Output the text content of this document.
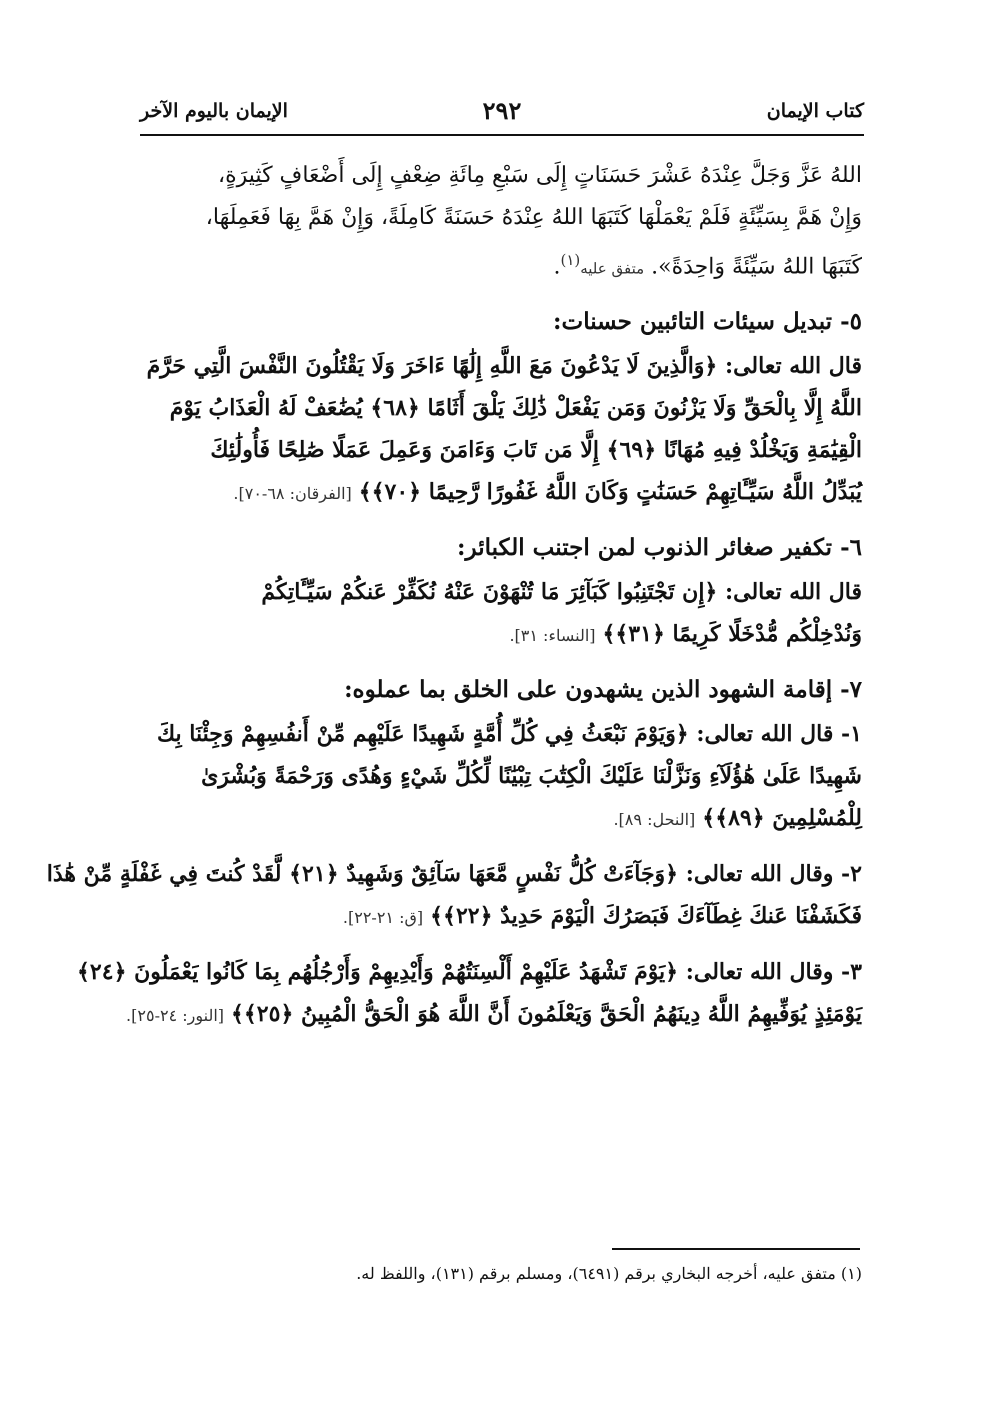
كتاب الإيمان
٢٩٢
الإيمان باليوم الآخر
اللهُ عَزَّ وَجَلَّ عِنْدَهُ عَشْرَ حَسَنَاتٍ إِلَى سَبْعِ مِائَةِ ضِعْفٍ إِلَى أَضْعَافٍ كَثِيرَةٍ،
وَإِنْ هَمَّ بِسَيِّئَةٍ فَلَمْ يَعْمَلْهَا كَتَبَهَا اللهُ عِنْدَهُ حَسَنَةً كَامِلَةً، وَإِنْ هَمَّ بِهَا فَعَمِلَهَا،
كَتَبَهَا اللهُ سَيِّئَةً وَاحِدَةً». متفق عليه$^{(١)}$.
٥- تبديل سيئات التائبين حسنات:
قال الله تعالى: ﴿وَالَّذِينَ لَا يَدْعُونَ مَعَ اللَّهِ إِلَٰهًا ءَاخَرَ وَلَا يَقْتُلُونَ النَّفْسَ الَّتِي حَرَّمَ
اللَّهُ إِلَّا بِالْحَقِّ وَلَا يَزْنُونَ وَمَن يَفْعَلْ ذَٰلِكَ يَلْقَ أَثَامًا ﴿٦٨﴾ يُضَٰعَفْ لَهُ الْعَذَابُ يَوْمَ
الْقِيَٰمَةِ وَيَخْلُدْ فِيهِ مُهَانًا ﴿٦٩﴾ إِلَّا مَن تَابَ وَءَامَنَ وَعَمِلَ عَمَلًا صَٰلِحًا فَأُولَٰئِكَ
يُبَدِّلُ اللَّهُ سَيِّـَٔاتِهِمْ حَسَنَٰتٍ وَكَانَ اللَّهُ غَفُورًا رَّحِيمًا ﴿٧٠﴾﴾ [الفرقان: ٦٨-٧٠].
٦- تكفير صغائر الذنوب لمن اجتنب الكبائر:
قال الله تعالى: ﴿إِن تَجْتَنِبُوا كَبَآئِرَ مَا تُنْهَوْنَ عَنْهُ نُكَفِّرْ عَنكُمْ سَيِّـَٔاتِكُمْ
وَنُدْخِلْكُم مُّدْخَلًا كَرِيمًا ﴿٣١﴾﴾ [النساء: ٣١].
٧- إقامة الشهود الذين يشهدون على الخلق بما عملوه:
١- قال الله تعالى: ﴿وَيَوْمَ نَبْعَثُ فِي كُلِّ أُمَّةٍ شَهِيدًا عَلَيْهِم مِّنْ أَنفُسِهِمْ وَجِئْنَا بِكَ
شَهِيدًا عَلَىٰ هَٰؤُلَآءِ وَنَزَّلْنَا عَلَيْكَ الْكِتَٰبَ تِبْيَٰنًا لِّكُلِّ شَيْءٍ وَهُدًى وَرَحْمَةً وَبُشْرَىٰ
لِلْمُسْلِمِينَ ﴿٨٩﴾﴾ [النحل: ٨٩].
٢- وقال الله تعالى: ﴿وَجَآءَتْ كُلُّ نَفْسٍ مَّعَهَا سَآئِقٌ وَشَهِيدٌ ﴿٢١﴾ لَّقَدْ كُنتَ فِي غَفْلَةٍ مِّنْ هَٰذَا
فَكَشَفْنَا عَنكَ غِطَآءَكَ فَبَصَرُكَ الْيَوْمَ حَدِيدٌ ﴿٢٢﴾﴾ [ق: ٢١-٢٢].
٣- وقال الله تعالى: ﴿يَوْمَ تَشْهَدُ عَلَيْهِمْ أَلْسِنَتُهُمْ وَأَيْدِيهِمْ وَأَرْجُلُهُم بِمَا كَانُوا يَعْمَلُونَ ﴿٢٤﴾
يَوْمَئِذٍ يُوَفِّيهِمُ اللَّهُ دِينَهُمُ الْحَقَّ وَيَعْلَمُونَ أَنَّ اللَّهَ هُوَ الْحَقُّ الْمُبِينُ ﴿٢٥﴾﴾ [النور: ٢٤-٢٥].
(١) متفق عليه، أخرجه البخاري برقم (٦٤٩١)، ومسلم برقم (١٣١)، واللفظ له.
